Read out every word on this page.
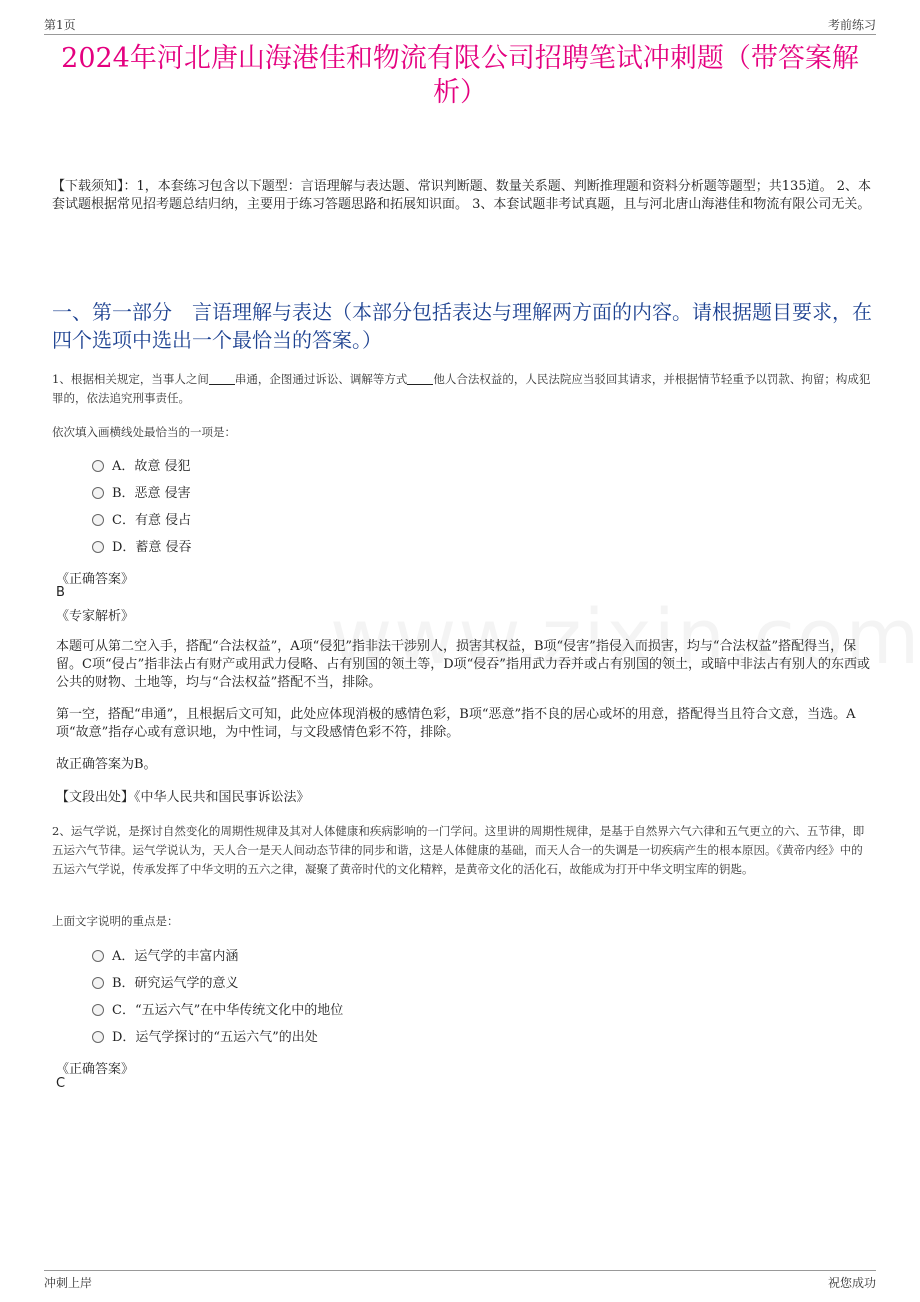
第1页	考前练习
2024年河北唐山海港佳和物流有限公司招聘笔试冲刺题（带答案解析）
【下载须知】：1，本套练习包含以下题型：言语理解与表达题、常识判断题、数量关系题、判断推理题和资料分析题等题型；共135道。 2、本套试题根据常见招考题总结归纳，主要用于练习答题思路和拓展知识面。 3、本套试题非考试真题，且与河北唐山海港佳和物流有限公司无关。
一、第一部分　言语理解与表达（本部分包括表达与理解两方面的内容。请根据题目要求，在四个选项中选出一个最恰当的答案。）
1、根据相关规定，当事人之间 串通，企图通过诉讼、调解等方式 他人合法权益的，人民法院应当驳回其请求，并根据情节轻重予以罚款、拘留；构成犯罪的，依法追究刑事责任。
依次填入画横线处最恰当的一项是：
A．故意 侵犯
B．恶意 侵害
C．有意 侵占
D．蓄意 侵吞
《正确答案》
B
《专家解析》
本题可从第二空入手，搭配“合法权益”，A项“侵犯”指非法干涉别人，损害其权益，B项“侵害”指侵入而损害，均与“合法权益”搭配得当，保留。C项“侵占”指非法占有财产或用武力侵略、占有别国的领土等，D项“侵吞”指用武力吞并或占有别国的领土，或暗中非法占有别人的东西或公共的财物、土地等，均与“合法权益”搭配不当，排除。
第一空，搭配“串通”，且根据后文可知，此处应体现消极的感情色彩，B项“恶意”指不良的居心或坏的用意，搭配得当且符合文意，当选。A项“故意”指存心或有意识地，为中性词，与文段感情色彩不符，排除。
故正确答案为B。
【文段出处】《中华人民共和国民事诉讼法》
2、运气学说，是探讨自然变化的周期性规律及其对人体健康和疾病影响的一门学问。这里讲的周期性规律，是基于自然界六气六律和五气更立的六、五节律，即五运六气节律。运气学说认为，天人合一是天人间动态节律的同步和谐，这是人体健康的基础，而天人合一的失调是一切疾病产生的根本原因。《黄帝内经》中的五运六气学说，传承发挥了中华文明的五六之律，凝聚了黄帝时代的文化精粹，是黄帝文化的活化石，故能成为打开中华文明宝库的钥匙。
上面文字说明的重点是：
A．运气学的丰富内涵
B．研究运气学的意义
C．“五运六气”在中华传统文化中的地位
D．运气学探讨的“五运六气”的出处
《正确答案》
C
冲刺上岸	祝您成功
